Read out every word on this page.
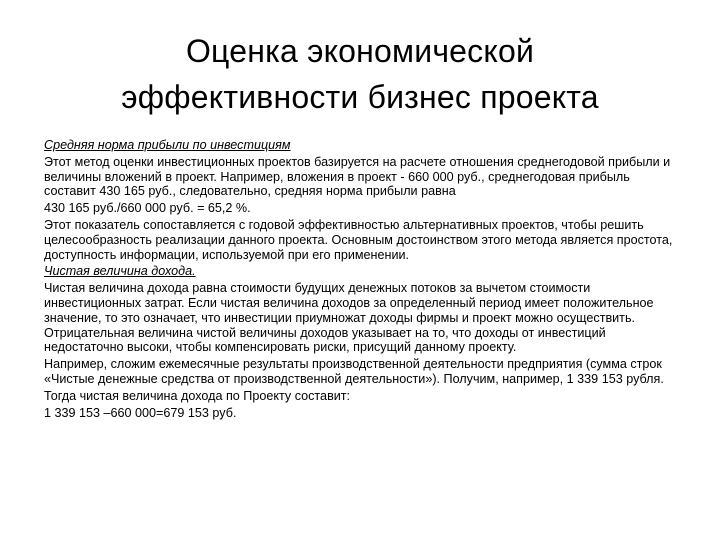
Оценка экономической
эффективности бизнес проекта

Средняя норма прибыли по инвестициям

Этот метод оценки инвестиционных проектов базируется на расчете отношения среднегодовой прибыли и величины вложений в проект. Например, вложения в проект - 660 000 руб., среднегодовая прибыль составит 430 165 руб., следовательно, средняя норма прибыли равна

430 165 руб./660 000 руб. = 65,2 %.

Этот показатель сопоставляется с годовой эффективностью альтернативных проектов, чтобы решить целесообразность реализации данного проекта. Основным достоинством этого метода является простота, доступность информации, используемой при его применении.

Чистая величина дохода.

Чистая величина дохода равна стоимости будущих денежных потоков за вычетом стоимости инвестиционных затрат. Если чистая величина доходов за определенный период имеет положительное значение, то это означает, что инвестиции приумножат доходы фирмы и проект можно осуществить. Отрицательная величина чистой величины доходов указывает на то, что доходы от инвестиций недостаточно высоки, чтобы компенсировать риски, присущий данному проекту.

Например, сложим ежемесячные результаты производственной деятельности предприятия (сумма строк «Чистые денежные средства от производственной деятельности»). Получим, например, 1 339 153 рубля.

Тогда чистая величина дохода по Проекту составит:

1 339 153 –660 000=679 153 руб.
